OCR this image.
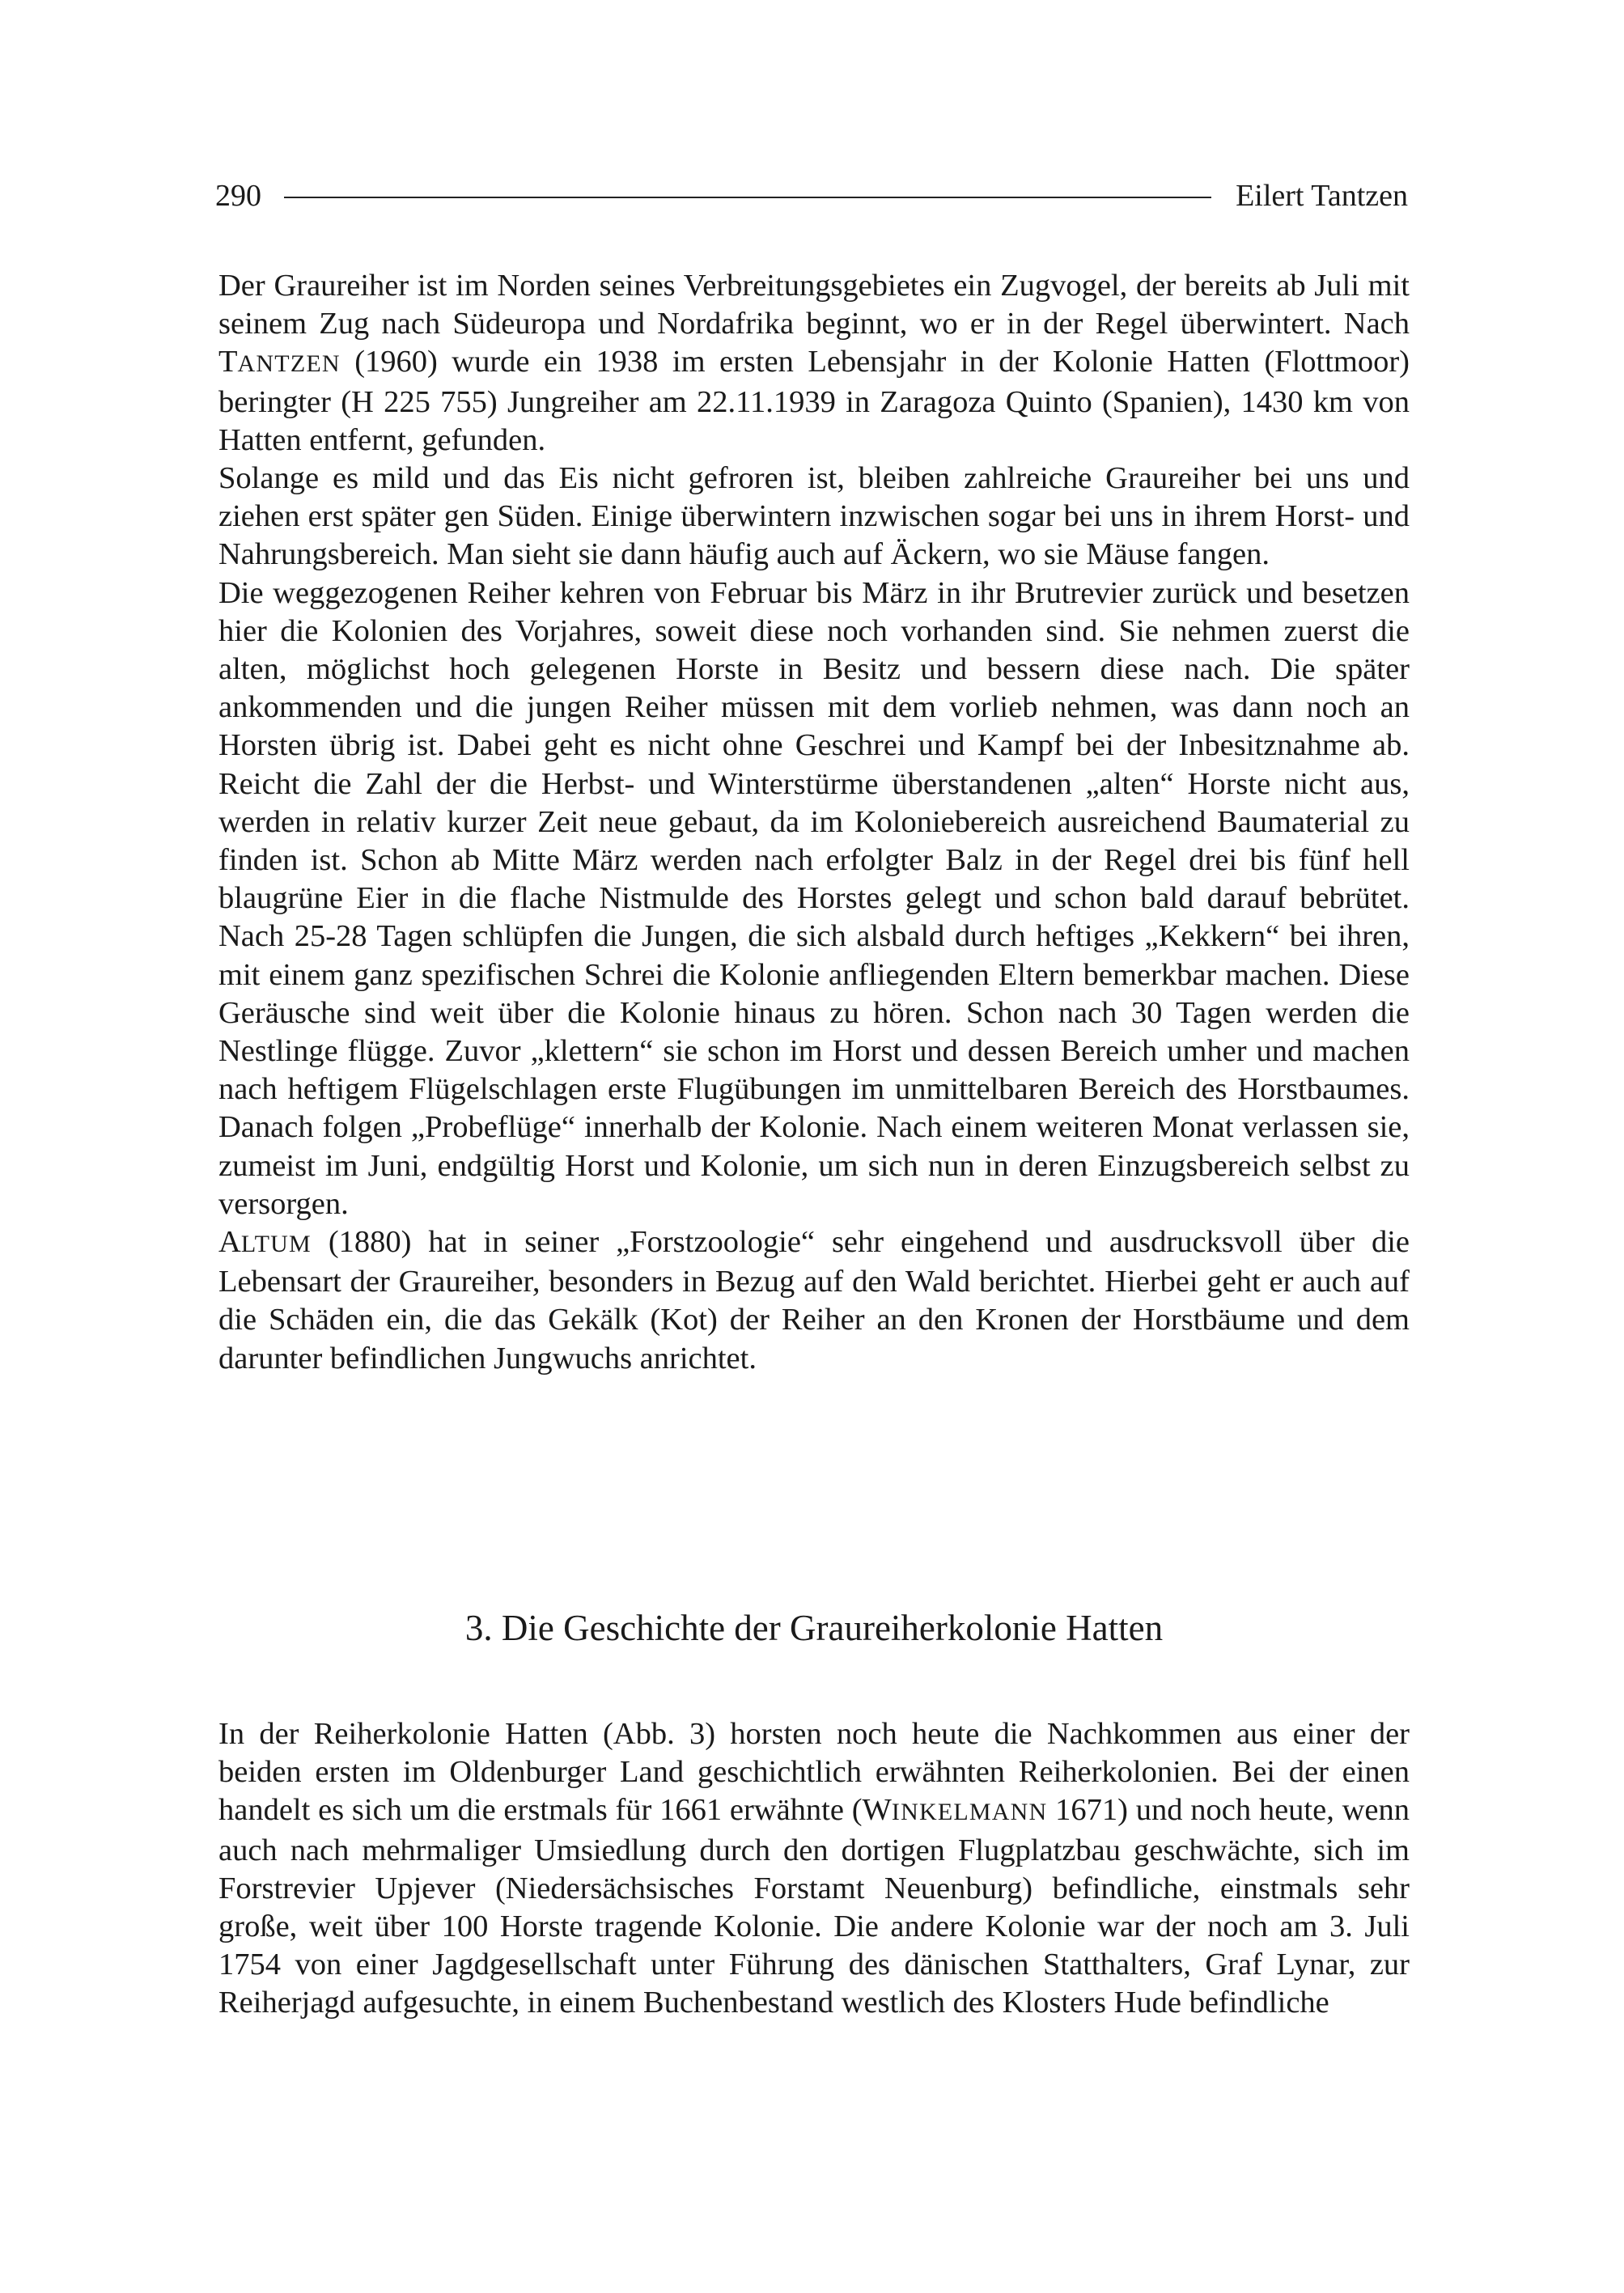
290	Eilert Tantzen

Der Graureiher ist im Norden seines Verbreitungsgebietes ein Zugvogel, der bereits ab Juli mit seinem Zug nach Südeuropa und Nordafrika beginnt, wo er in der Regel überwintert. Nach TANTZEN (1960) wurde ein 1938 im ersten Lebensjahr in der Kolonie Hatten (Flottmoor) beringter (H 225 755) Jungreiher am 22.11.1939 in Zaragoza Quinto (Spanien), 1430 km von Hatten entfernt, gefunden.

Solange es mild und das Eis nicht gefroren ist, bleiben zahlreiche Graureiher bei uns und ziehen erst später gen Süden. Einige überwintern inzwischen sogar bei uns in ihrem Horst- und Nahrungsbereich. Man sieht sie dann häufig auch auf Äckern, wo sie Mäuse fangen.

Die weggezogenen Reiher kehren von Februar bis März in ihr Brutrevier zurück und besetzen hier die Kolonien des Vorjahres, soweit diese noch vorhanden sind. Sie nehmen zuerst die alten, möglichst hoch gelegenen Horste in Besitz und bessern diese nach. Die später ankommenden und die jungen Reiher müssen mit dem vorlieb nehmen, was dann noch an Horsten übrig ist. Dabei geht es nicht ohne Geschrei und Kampf bei der Inbesitznahme ab. Reicht die Zahl der die Herbst- und Winterstürme überstandenen „alten“ Horste nicht aus, werden in relativ kurzer Zeit neue gebaut, da im Koloniebereich ausreichend Baumaterial zu finden ist. Schon ab Mitte März werden nach erfolgter Balz in der Regel drei bis fünf hell blaugrüne Eier in die flache Nistmulde des Horstes gelegt und schon bald darauf bebrütet. Nach 25-28 Tagen schlüpfen die Jungen, die sich alsbald durch heftiges „Kekkern“ bei ihren, mit einem ganz spezifischen Schrei die Kolonie anfliegenden Eltern bemerkbar machen. Diese Geräusche sind weit über die Kolonie hinaus zu hören. Schon nach 30 Tagen werden die Nestlinge flügge. Zuvor „klettern“ sie schon im Horst und dessen Bereich umher und machen nach heftigem Flügelschlagen erste Flugübungen im unmittelbaren Bereich des Horstbaumes. Danach folgen „Probeflüge“ innerhalb der Kolonie. Nach einem weiteren Monat verlassen sie, zumeist im Juni, endgültig Horst und Kolonie, um sich nun in deren Einzugsbereich selbst zu versorgen.

ALTUM (1880) hat in seiner „Forstzoologie“ sehr eingehend und ausdrucksvoll über die Lebensart der Graureiher, besonders in Bezug auf den Wald berichtet. Hierbei geht er auch auf die Schäden ein, die das Gekälk (Kot) der Reiher an den Kronen der Horstbäume und dem darunter befindlichen Jungwuchs anrichtet.

3. Die Geschichte der Graureiherkolonie Hatten

In der Reiherkolonie Hatten (Abb. 3) horsten noch heute die Nachkommen aus einer der beiden ersten im Oldenburger Land geschichtlich erwähnten Reiherkolonien. Bei der einen handelt es sich um die erstmals für 1661 erwähnte (WINKELMANN 1671) und noch heute, wenn auch nach mehrmaliger Umsiedlung durch den dortigen Flugplatzbau geschwächte, sich im Forstrevier Upjever (Niedersächsisches Forstamt Neuenburg) befindliche, einstmals sehr große, weit über 100 Horste tragende Kolonie. Die andere Kolonie war der noch am 3. Juli 1754 von einer Jagdgesellschaft unter Führung des dänischen Statthalters, Graf Lynar, zur Reiherjagd aufgesuchte, in einem Buchenbestand westlich des Klosters Hude befindliche
